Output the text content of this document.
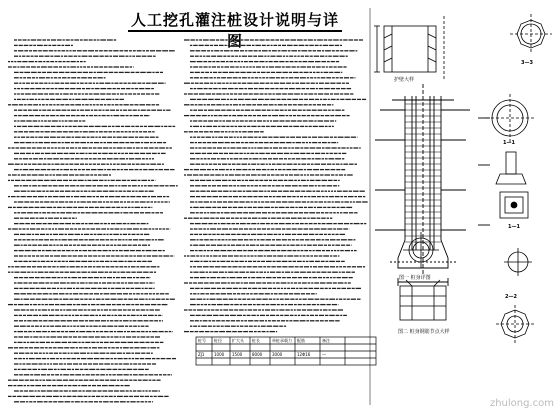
人工挖孔灌注桩设计说明与详图
3—3
护壁大样
1—1
图一 桩身详图
2—2
图二 桩身钢筋节点大样
1—1
桩号 桩径	扩大头 桩长	单桩承载力 配筋	备注
ZJ1 1000 1500 8000 3000	12Φ16	—
zhulong.com
